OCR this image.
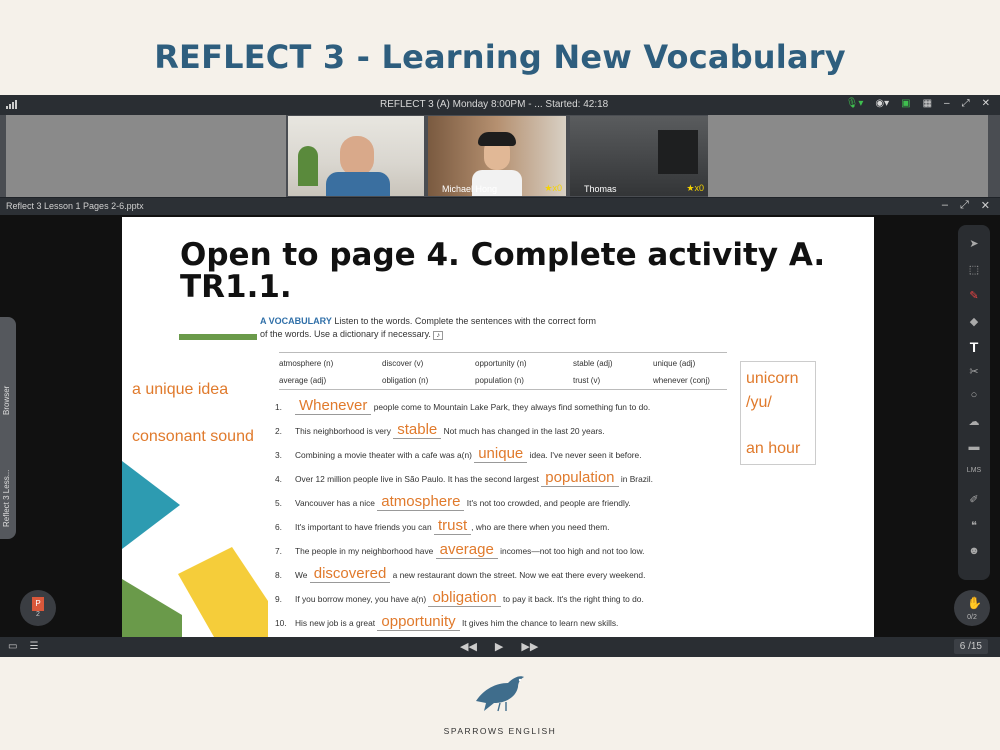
REFLECT 3 - Learning New Vocabulary
REFLECT 3 (A) Monday 8:00PM - ... Started: 42:18	🎙▾ ◉▾ ▣ ▦ – ⤢ ✕
Michael Hong	★x0 Thomas	★x0
Reflect 3 Lesson 1 Pages 2-6.pptx	– ⤢ ✕
Open to page 4. Complete activity A.
TR1.1.
A VOCABULARY Listen to the words. Complete the sentences with the correct form
of the words. Use a dictionary if necessary. ♪
atmosphere (n)	discover (v)	opportunity (n)	stable (adj)	unique (adj)
average (adj)	obligation (n)	population (n)	trust (v)	whenever (conj)
a unique idea
consonant sound
unicorn
/yu/
an hour
1. Whenever people come to Mountain Lake Park, they always find something fun to do.
2. This neighborhood is very stable Not much has changed in the last 20 years.
3. Combining a movie theater with a cafe was a(n) unique idea. I've never seen it before.
4. Over 12 million people live in São Paulo. It has the second largest population in Brazil.
5. Vancouver has a nice atmosphere It's not too crowded, and people are friendly.
6. It's important to have friends you can trust , who are there when you need them.
7. The people in my neighborhood have average incomes—not too high and not too low.
8. We discovered a new restaurant down the street. Now we eat there every weekend.
9. If you borrow money, you have a(n) obligation to pay it back. It's the right thing to do.
10. His new job is a great opportunity It gives him the chance to learn new skills.
Browser
Reflect 3 Less...
P
2
➤
⬚
✎
◆
T
✂
○
☁
▬
LMS
✐
❝
☻
✋
0/2
▭ ☰	◀◀ ▶ ▶▶	6 /15
SPARROWS ENGLISH
